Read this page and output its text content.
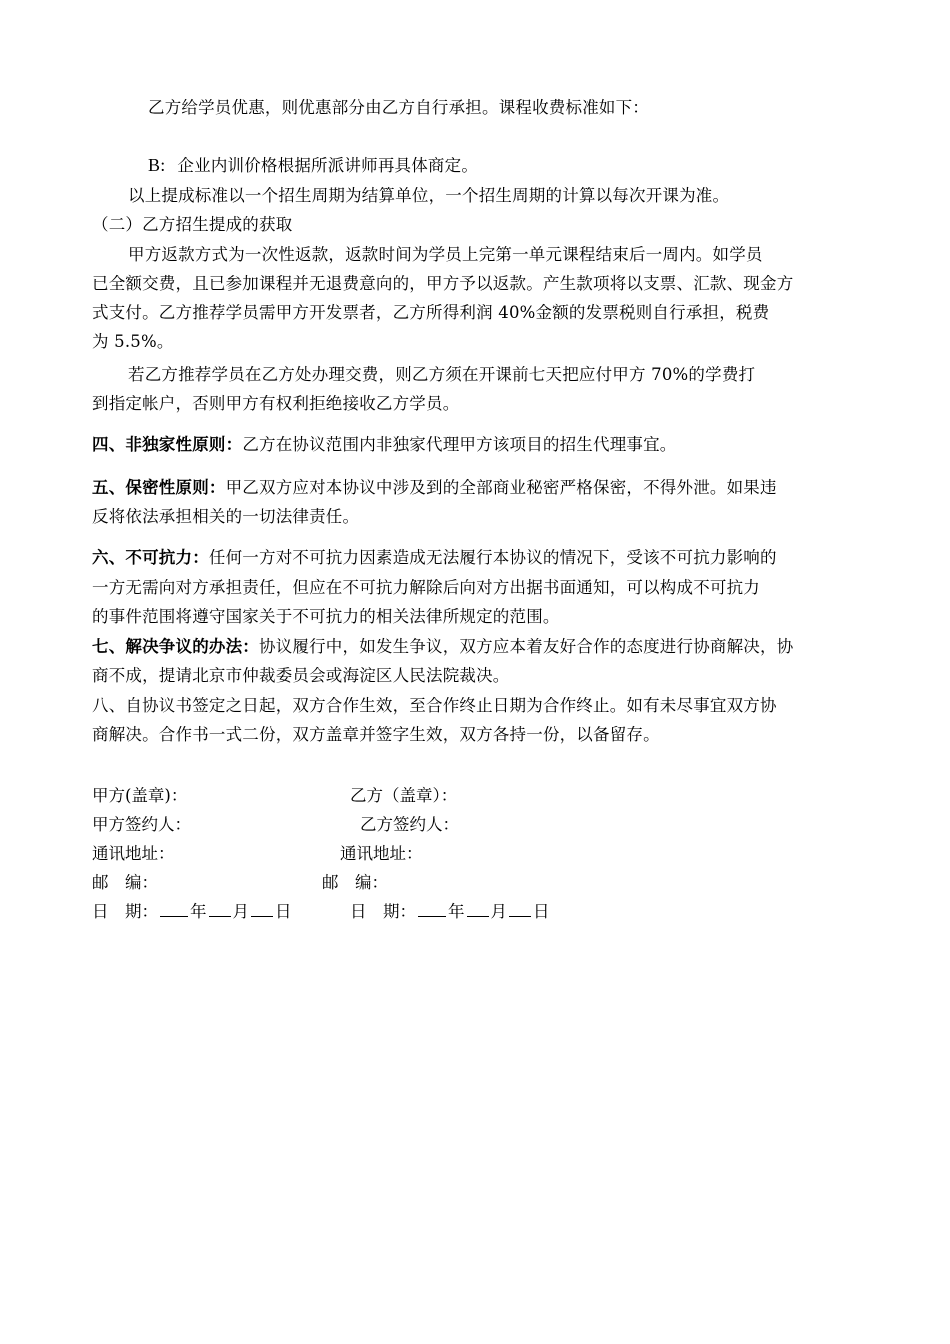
乙方给学员优惠，则优惠部分由乙方自行承担。课程收费标准如下：
B: 企业内训价格根据所派讲师再具体商定。
以上提成标准以一个招生周期为结算单位，一个招生周期的计算以每次开课为准。
（二）乙方招生提成的获取
甲方返款方式为一次性返款，返款时间为学员上完第一单元课程结束后一周内。如学员
已全额交费，且已参加课程并无退费意向的，甲方予以返款。产生款项将以支票、汇款、现金方
式支付。乙方推荐学员需甲方开发票者，乙方所得利润 40%金额的发票税则自行承担，税费
为 5.5%。
若乙方推荐学员在乙方处办理交费，则乙方须在开课前七天把应付甲方 70%的学费打
到指定帐户，否则甲方有权利拒绝接收乙方学员。
四、非独家性原则：乙方在协议范围内非独家代理甲方该项目的招生代理事宜。
五、保密性原则：甲乙双方应对本协议中涉及到的全部商业秘密严格保密，不得外泄。如果违
反将依法承担相关的一切法律责任。
六、不可抗力：任何一方对不可抗力因素造成无法履行本协议的情况下，受该不可抗力影响的
一方无需向对方承担责任，但应在不可抗力解除后向对方出据书面通知，可以构成不可抗力
的事件范围将遵守国家关于不可抗力的相关法律所规定的范围。
七、解决争议的办法：协议履行中，如发生争议，双方应本着友好合作的态度进行协商解决，协
商不成，提请北京市仲裁委员会或海淀区人民法院裁决。
八、自协议书签定之日起，双方合作生效，至合作终止日期为合作终止。如有未尽事宜双方协
商解决。合作书一式二份，双方盖章并签字生效，双方各持一份，以备留存。
甲方(盖章)：	乙方（盖章）：
甲方签约人：	乙方签约人：
通讯地址：	通讯地址：
邮　编：	邮　编：
日　期： 年 月 日	日　期： 年 月 日
